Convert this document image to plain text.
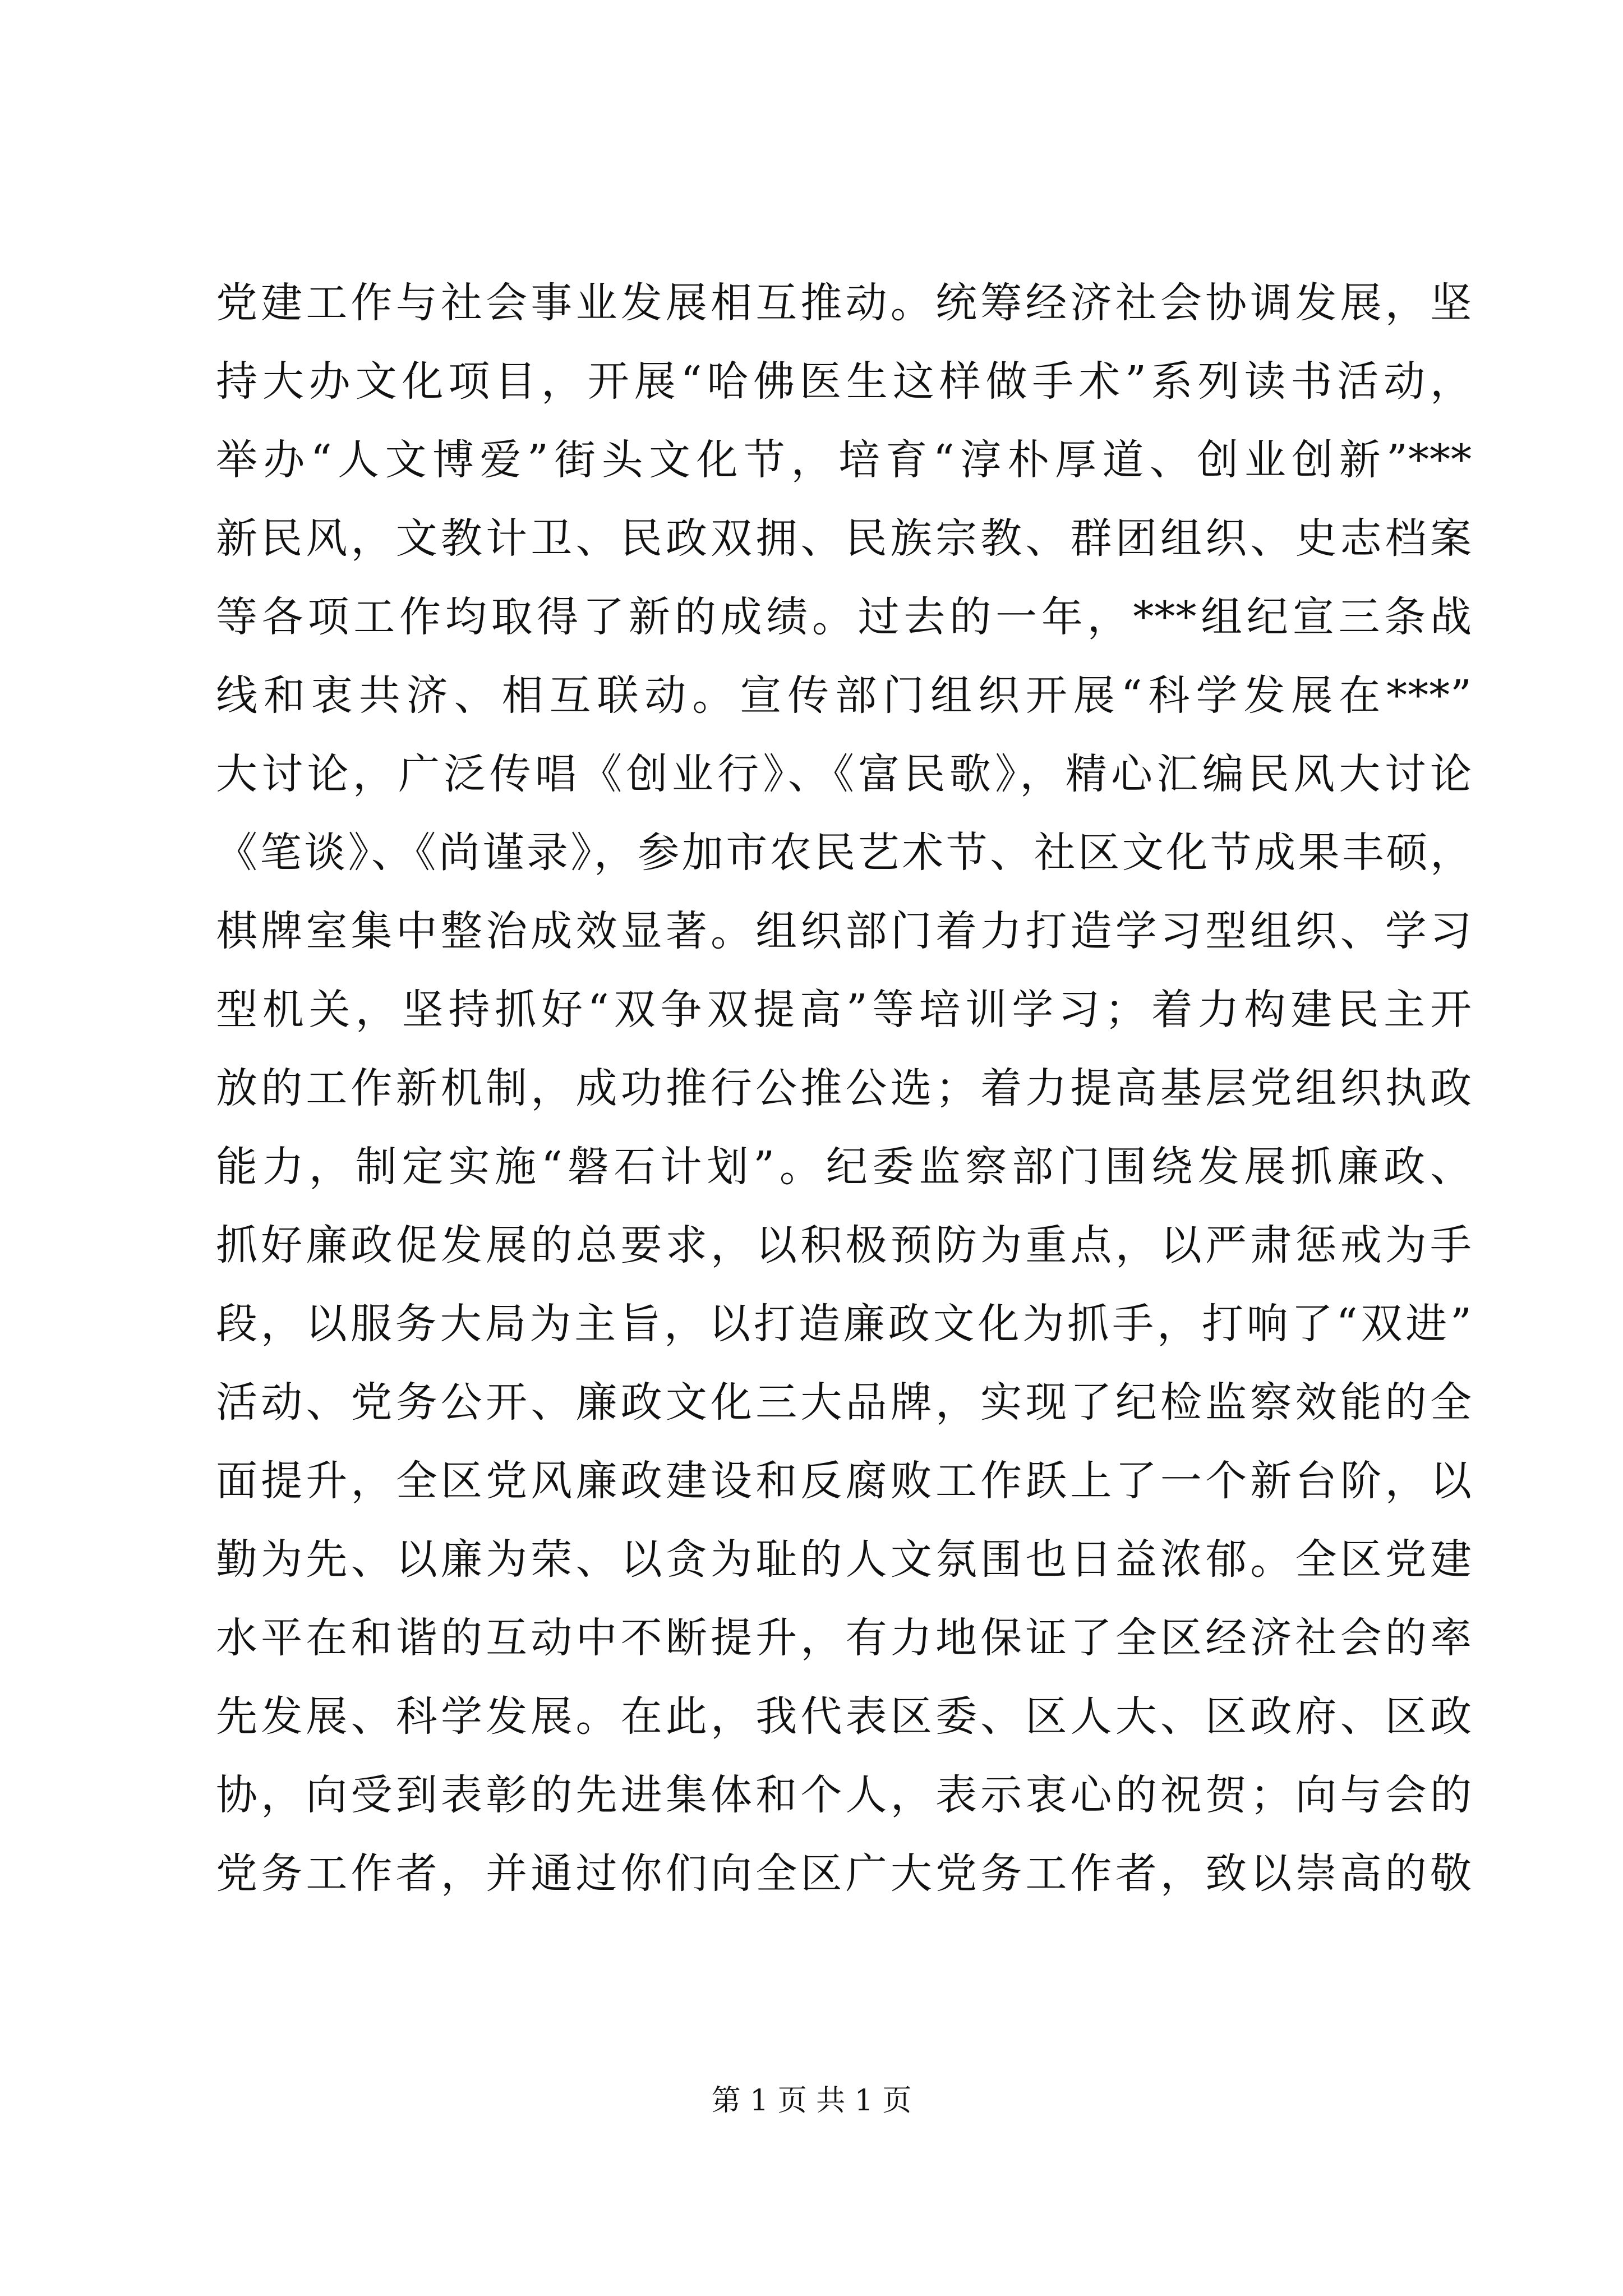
党建工作与社会事业发展相互推动。统筹经济社会协调发展，坚
持大办文化项目，开展“哈佛医生这样做手术”系列读书活动，
举办“人文博爱”街头文化节，培育“淳朴厚道、创业创新”***
新民风，文教计卫、民政双拥、民族宗教、群团组织、史志档案
等各项工作均取得了新的成绩。过去的一年，***组纪宣三条战
线和衷共济、相互联动。宣传部门组织开展“科学发展在***”
大讨论，广泛传唱《创业行》、《富民歌》，精心汇编民风大讨论
《笔谈》、《尚谨录》，参加市农民艺术节、社区文化节成果丰硕，
棋牌室集中整治成效显著。组织部门着力打造学习型组织、学习
型机关，坚持抓好“双争双提高”等培训学习；着力构建民主开
放的工作新机制，成功推行公推公选；着力提高基层党组织执政
能力，制定实施“磐石计划”。纪委监察部门围绕发展抓廉政、
抓好廉政促发展的总要求，以积极预防为重点，以严肃惩戒为手
段，以服务大局为主旨，以打造廉政文化为抓手，打响了“双进”
活动、党务公开、廉政文化三大品牌，实现了纪检监察效能的全
面提升，全区党风廉政建设和反腐败工作跃上了一个新台阶，以
勤为先、以廉为荣、以贪为耻的人文氛围也日益浓郁。全区党建
水平在和谐的互动中不断提升，有力地保证了全区经济社会的率
先发展、科学发展。在此，我代表区委、区人大、区政府、区政
协，向受到表彰的先进集体和个人，表示衷心的祝贺；向与会的
党务工作者，并通过你们向全区广大党务工作者，致以崇高的敬
第 1 页 共 1 页
